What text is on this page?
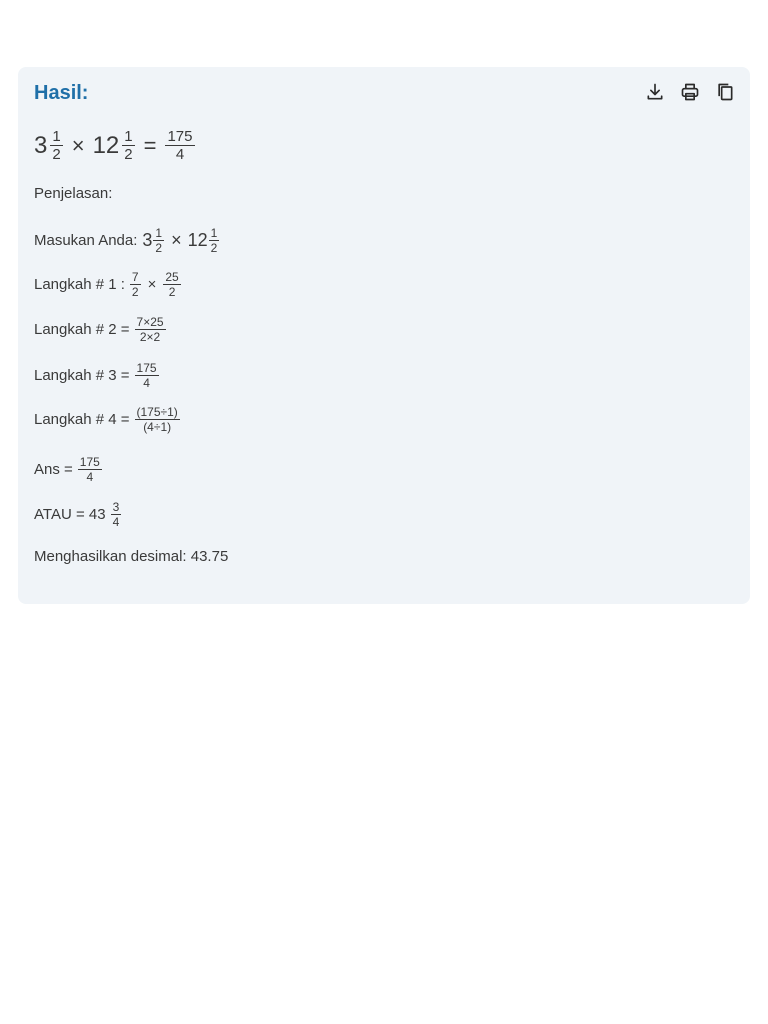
Hasil:
$3 \frac{1}{2} \times 12 \frac{1}{2} = \frac{175}{4}$
Penjelasan:
Masukan Anda: $3 \frac{1}{2} \times 12 \frac{1}{2}$
Langkah # 1 : $\frac{7}{2} \times \frac{25}{2}$
Langkah # $2 = \frac{7\times 25}{2\times 2}$
Langkah # $3 = \frac{175}{4}$
Langkah # $4 = \frac{(175\div 1)}{(4\div 1)}$
Ans = $\frac{175}{4}$
ATAU = $43 \frac{3}{4}$
Menghasilkan desimal: 43.75
